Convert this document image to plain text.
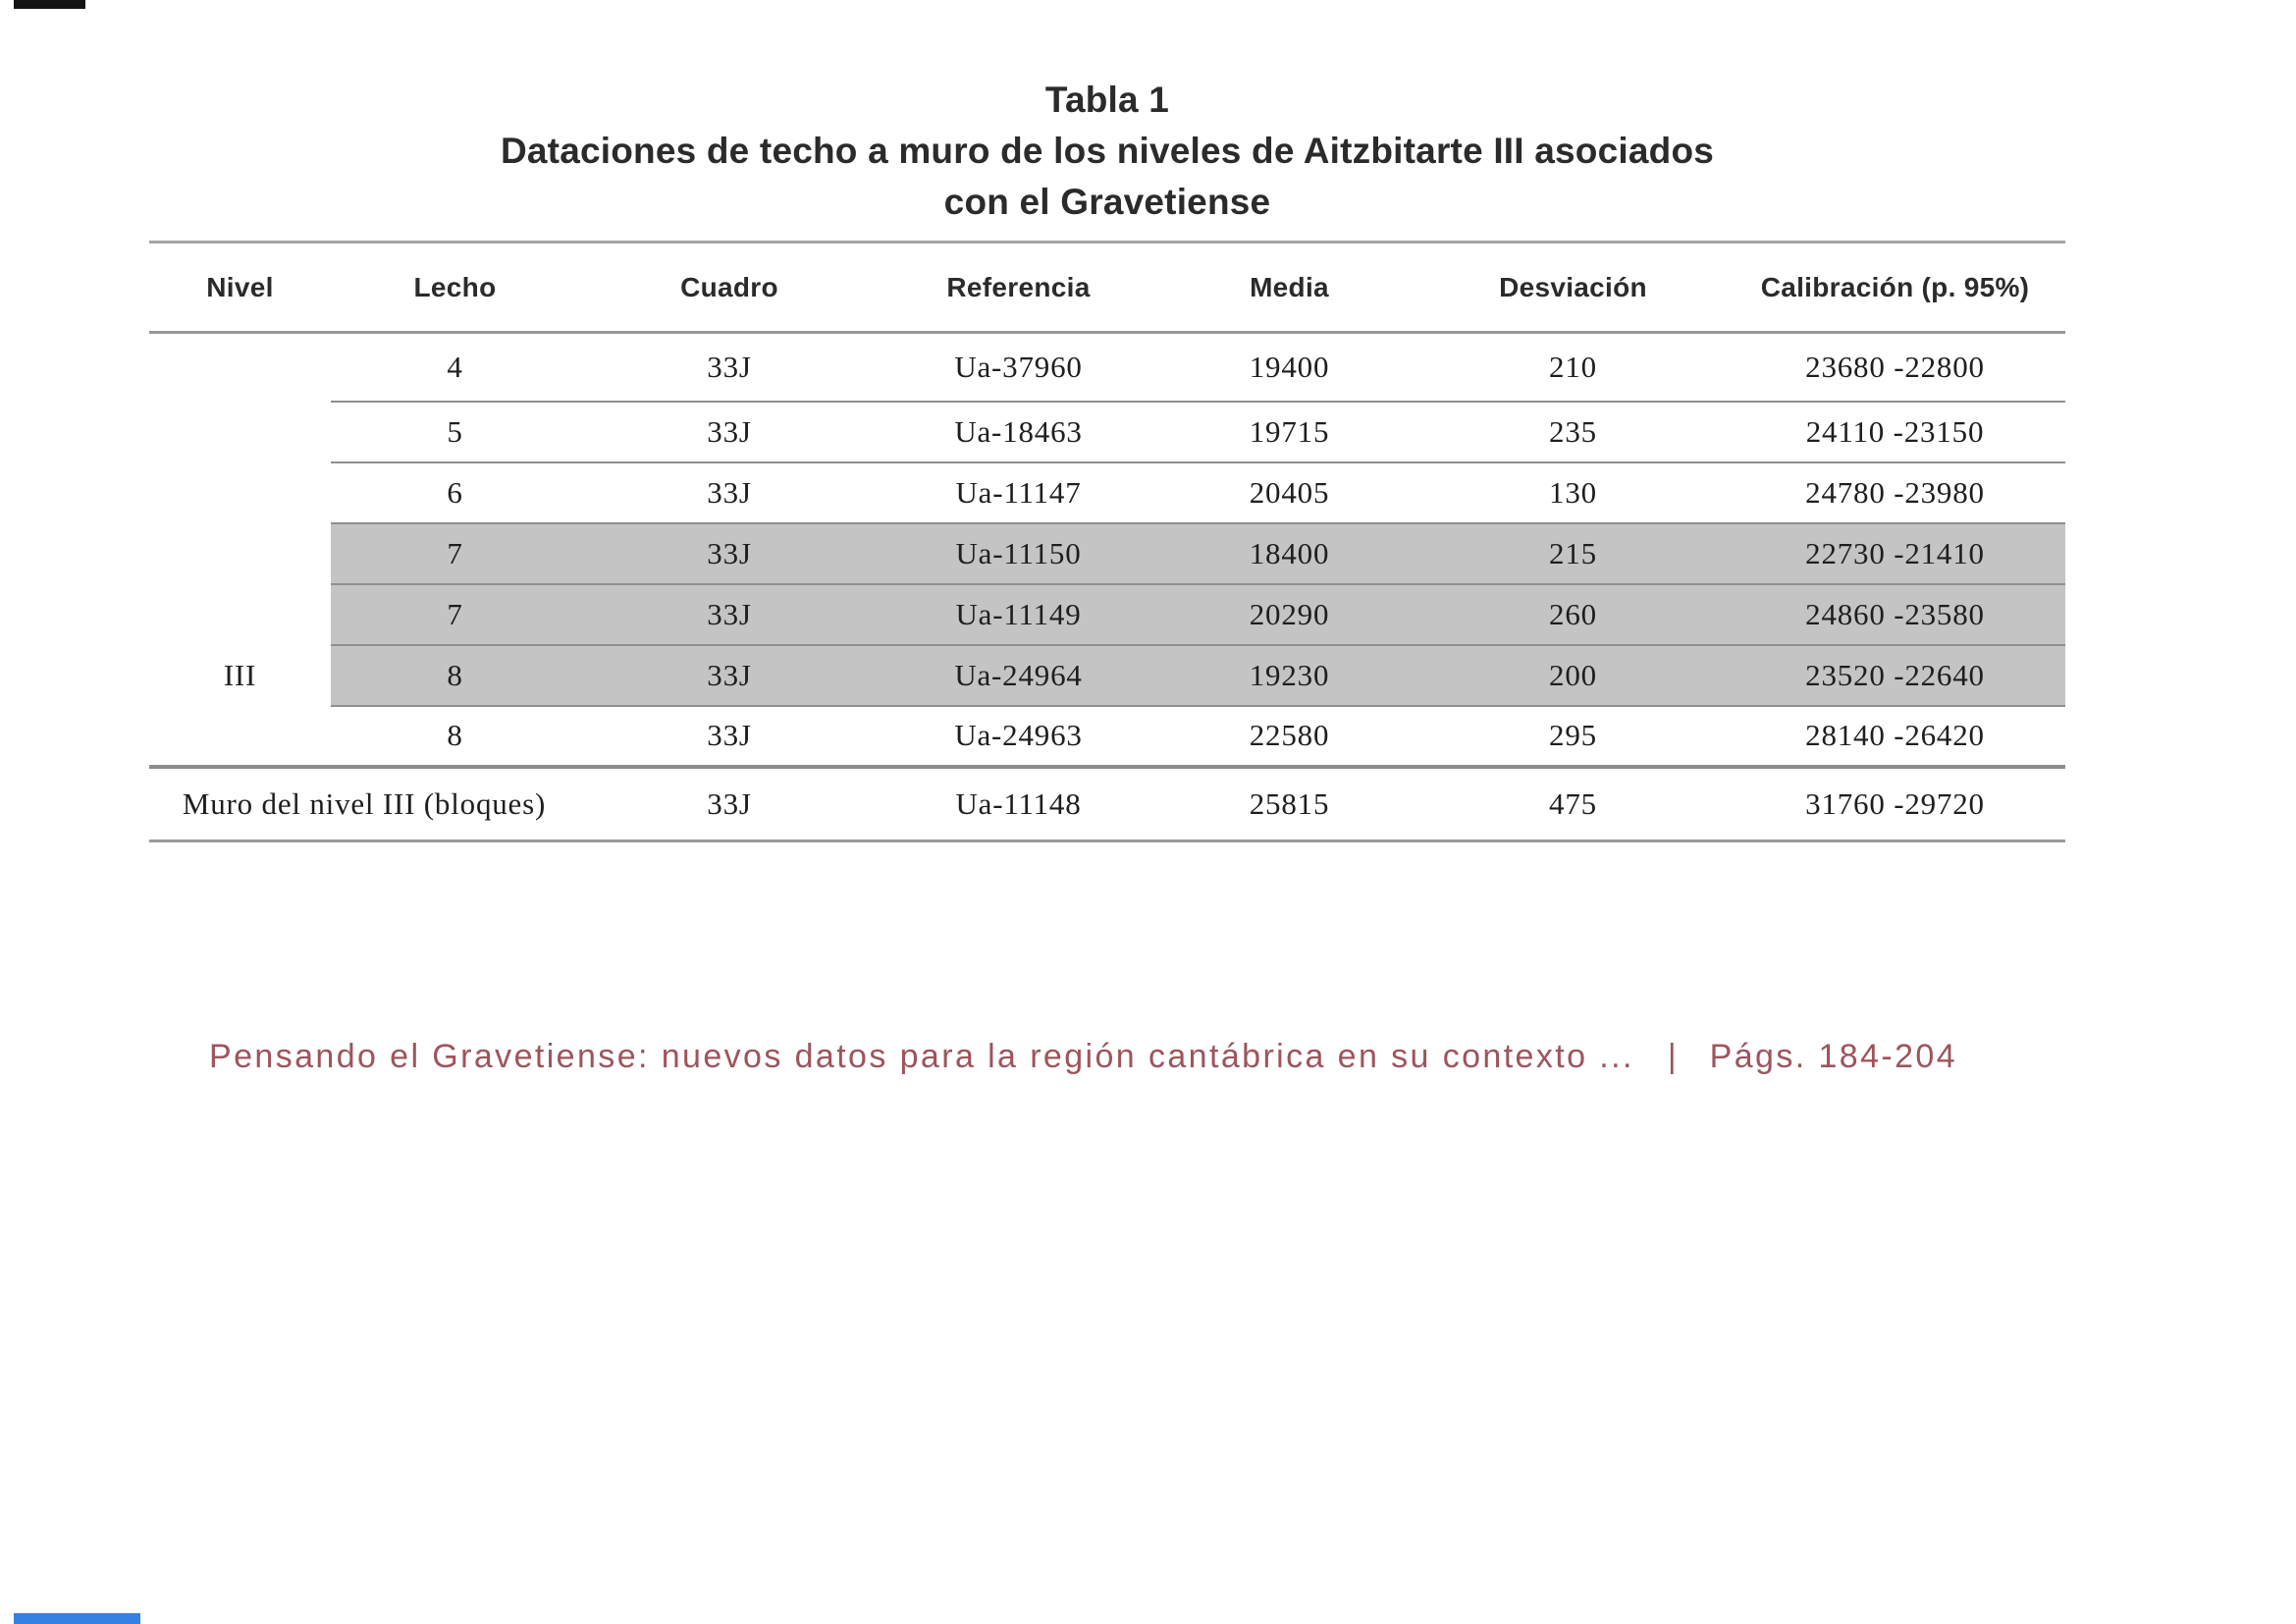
Tabla 1
Dataciones de techo a muro de los niveles de Aitzbitarte III asociados
con el Gravetiense
Nivel	Lecho	Cuadro	Referencia	Media	Desviación	Calibración (p. 95%)
	4	33J	Ua-37960	19400	210	23680 -22800
	5	33J	Ua-18463	19715	235	24110 -23150
	6	33J	Ua-11147	20405	130	24780 -23980
	7	33J	Ua-11150	18400	215	22730 -21410
	7	33J	Ua-11149	20290	260	24860 -23580
III	8	33J	Ua-24964	19230	200	23520 -22640
	8	33J	Ua-24963	22580	295	28140 -26420
Muro del nivel III (bloques)		33J	Ua-11148	25815	475	31760 -29720
Pensando el Gravetiense: nuevos datos para la región cantábrica en su contexto ... | Págs. 184-204
